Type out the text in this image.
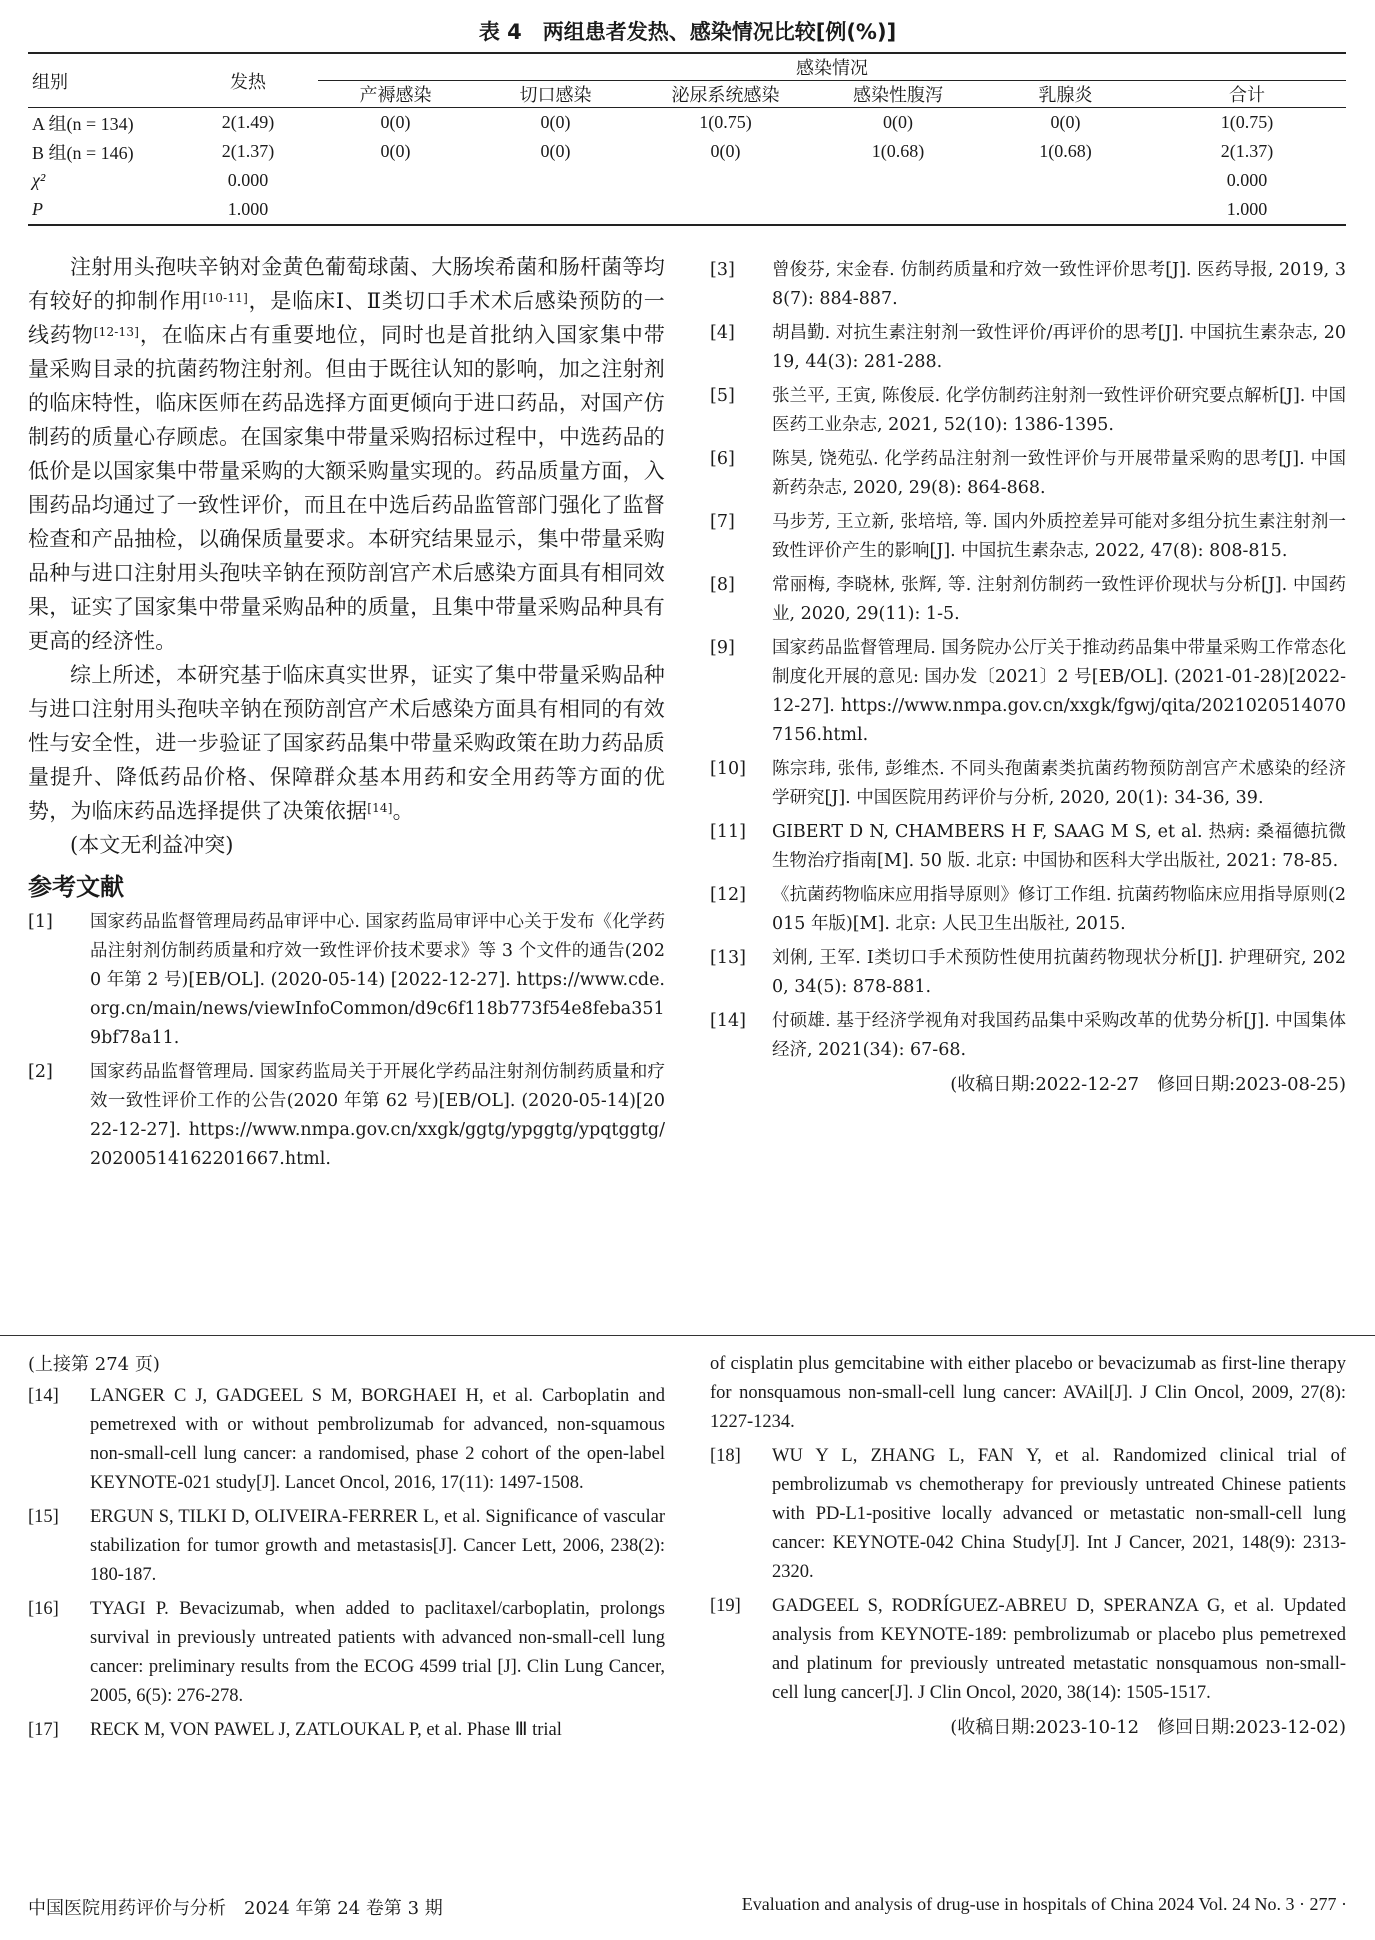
表 4　两组患者发热、感染情况比较[例(%)]
组别	发热	感染情况					
		产褥感染	切口感染	泌尿系统感染	感染性腹泻	乳腺炎	合计
A 组(n = 134)	2(1.49)	0(0)	0(0)	1(0.75)	0(0)	0(0)	1(0.75)
B 组(n = 146)	2(1.37)	0(0)	0(0)	0(0)	1(0.68)	1(0.68)	2(1.37)
χ²	0.000						0.000
P	1.000						1.000

注射用头孢呋辛钠对金黄色葡萄球菌、大肠埃希菌和肠杆菌等均有较好的抑制作用[10-11]，是临床Ⅰ、Ⅱ类切口手术术后感染预防的一线药物[12-13]，在临床占有重要地位，同时也是首批纳入国家集中带量采购目录的抗菌药物注射剂。但由于既往认知的影响，加之注射剂的临床特性，临床医师在药品选择方面更倾向于进口药品，对国产仿制药的质量心存顾虑。在国家集中带量采购招标过程中，中选药品的低价是以国家集中带量采购的大额采购量实现的。药品质量方面，入围药品均通过了一致性评价，而且在中选后药品监管部门强化了监督检查和产品抽检，以确保质量要求。本研究结果显示，集中带量采购品种与进口注射用头孢呋辛钠在预防剖宫产术后感染方面具有相同效果，证实了国家集中带量采购品种的质量，且集中带量采购品种具有更高的经济性。

综上所述，本研究基于临床真实世界，证实了集中带量采购品种与进口注射用头孢呋辛钠在预防剖宫产术后感染方面具有相同的有效性与安全性，进一步验证了国家药品集中带量采购政策在助力药品质量提升、降低药品价格、保障群众基本用药和安全用药等方面的优势，为临床药品选择提供了决策依据[14]。

(本文无利益冲突)

参考文献
[1]	国家药品监督管理局药品审评中心. 国家药监局审评中心关于发布《化学药品注射剂仿制药质量和疗效一致性评价技术要求》等 3 个文件的通告(2020 年第 2 号)[EB/OL]. (2020-05-14) [2022-12-27]. https://www.cde.org.cn/main/news/viewInfoCommon/d9c6f118b773f54e8feba3519bf78a11.
[2]	国家药品监督管理局. 国家药监局关于开展化学药品注射剂仿制药质量和疗效一致性评价工作的公告(2020 年第 62 号)[EB/OL]. (2020-05-14)[2022-12-27]. https://www.nmpa.gov.cn/xxgk/ggtg/ypggtg/ypqtggtg/20200514162201667.html.
[3]	曾俊芬, 宋金春. 仿制药质量和疗效一致性评价思考[J]. 医药导报, 2019, 38(7): 884-887.
[4]	胡昌勤. 对抗生素注射剂一致性评价/再评价的思考[J]. 中国抗生素杂志, 2019, 44(3): 281-288.
[5]	张兰平, 王寅, 陈俊辰. 化学仿制药注射剂一致性评价研究要点解析[J]. 中国医药工业杂志, 2021, 52(10): 1386-1395.
[6]	陈昊, 饶苑弘. 化学药品注射剂一致性评价与开展带量采购的思考[J]. 中国新药杂志, 2020, 29(8): 864-868.
[7]	马步芳, 王立新, 张培培, 等. 国内外质控差异可能对多组分抗生素注射剂一致性评价产生的影响[J]. 中国抗生素杂志, 2022, 47(8): 808-815.
[8]	常丽梅, 李晓林, 张辉, 等. 注射剂仿制药一致性评价现状与分析[J]. 中国药业, 2020, 29(11): 1-5.
[9]	国家药品监督管理局. 国务院办公厅关于推动药品集中带量采购工作常态化制度化开展的意见: 国办发〔2021〕2 号[EB/OL]. (2021-01-28)[2022-12-27]. https://www.nmpa.gov.cn/xxgk/fgwj/qita/20210205140707156.html.
[10]	陈宗玮, 张伟, 彭维杰. 不同头孢菌素类抗菌药物预防剖宫产术感染的经济学研究[J]. 中国医院用药评价与分析, 2020, 20(1): 34-36, 39.
[11]	GIBERT D N, CHAMBERS H F, SAAG M S, et al. 热病: 桑福德抗微生物治疗指南[M]. 50 版. 北京: 中国协和医科大学出版社, 2021: 78-85.
[12]	《抗菌药物临床应用指导原则》修订工作组. 抗菌药物临床应用指导原则(2015 年版)[M]. 北京: 人民卫生出版社, 2015.
[13]	刘俐, 王军. Ⅰ类切口手术预防性使用抗菌药物现状分析[J]. 护理研究, 2020, 34(5): 878-881.
[14]	付硕雄. 基于经济学视角对我国药品集中采购改革的优势分析[J]. 中国集体经济, 2021(34): 67-68.
(收稿日期:2022-12-27　修回日期:2023-08-25)

(上接第 274 页)

[14]	LANGER C J, GADGEEL S M, BORGHAEI H, et al. Carboplatin and pemetrexed with or without pembrolizumab for advanced, non-squamous non-small-cell lung cancer: a randomised, phase 2 cohort of the open-label KEYNOTE-021 study[J]. Lancet Oncol, 2016, 17(11): 1497-1508.
[15]	ERGUN S, TILKI D, OLIVEIRA-FERRER L, et al. Significance of vascular stabilization for tumor growth and metastasis[J]. Cancer Lett, 2006, 238(2): 180-187.
[16]	TYAGI P. Bevacizumab, when added to paclitaxel/carboplatin, prolongs survival in previously untreated patients with advanced non-small-cell lung cancer: preliminary results from the ECOG 4599 trial [J]. Clin Lung Cancer, 2005, 6(5): 276-278.
[17]	RECK M, VON PAWEL J, ZATLOUKAL P, et al. Phase Ⅲ trial
of cisplatin plus gemcitabine with either placebo or bevacizumab as first-line therapy for nonsquamous non-small-cell lung cancer: AVAil[J]. J Clin Oncol, 2009, 27(8): 1227-1234.
[18]	WU Y L, ZHANG L, FAN Y, et al. Randomized clinical trial of pembrolizumab vs chemotherapy for previously untreated Chinese patients with PD-L1-positive locally advanced or metastatic non-small-cell lung cancer: KEYNOTE-042 China Study[J]. Int J Cancer, 2021, 148(9): 2313-2320.
[19]	GADGEEL S, RODRÍGUEZ-ABREU D, SPERANZA G, et al. Updated analysis from KEYNOTE-189: pembrolizumab or placebo plus pemetrexed and platinum for previously untreated metastatic nonsquamous non-small-cell lung cancer[J]. J Clin Oncol, 2020, 38(14): 1505-1517.
(收稿日期:2023-10-12　修回日期:2023-12-02)
中国医院用药评价与分析　2024 年第 24 卷第 3 期	Evaluation and analysis of drug-use in hospitals of China 2024 Vol. 24 No. 3 · 277 ·
